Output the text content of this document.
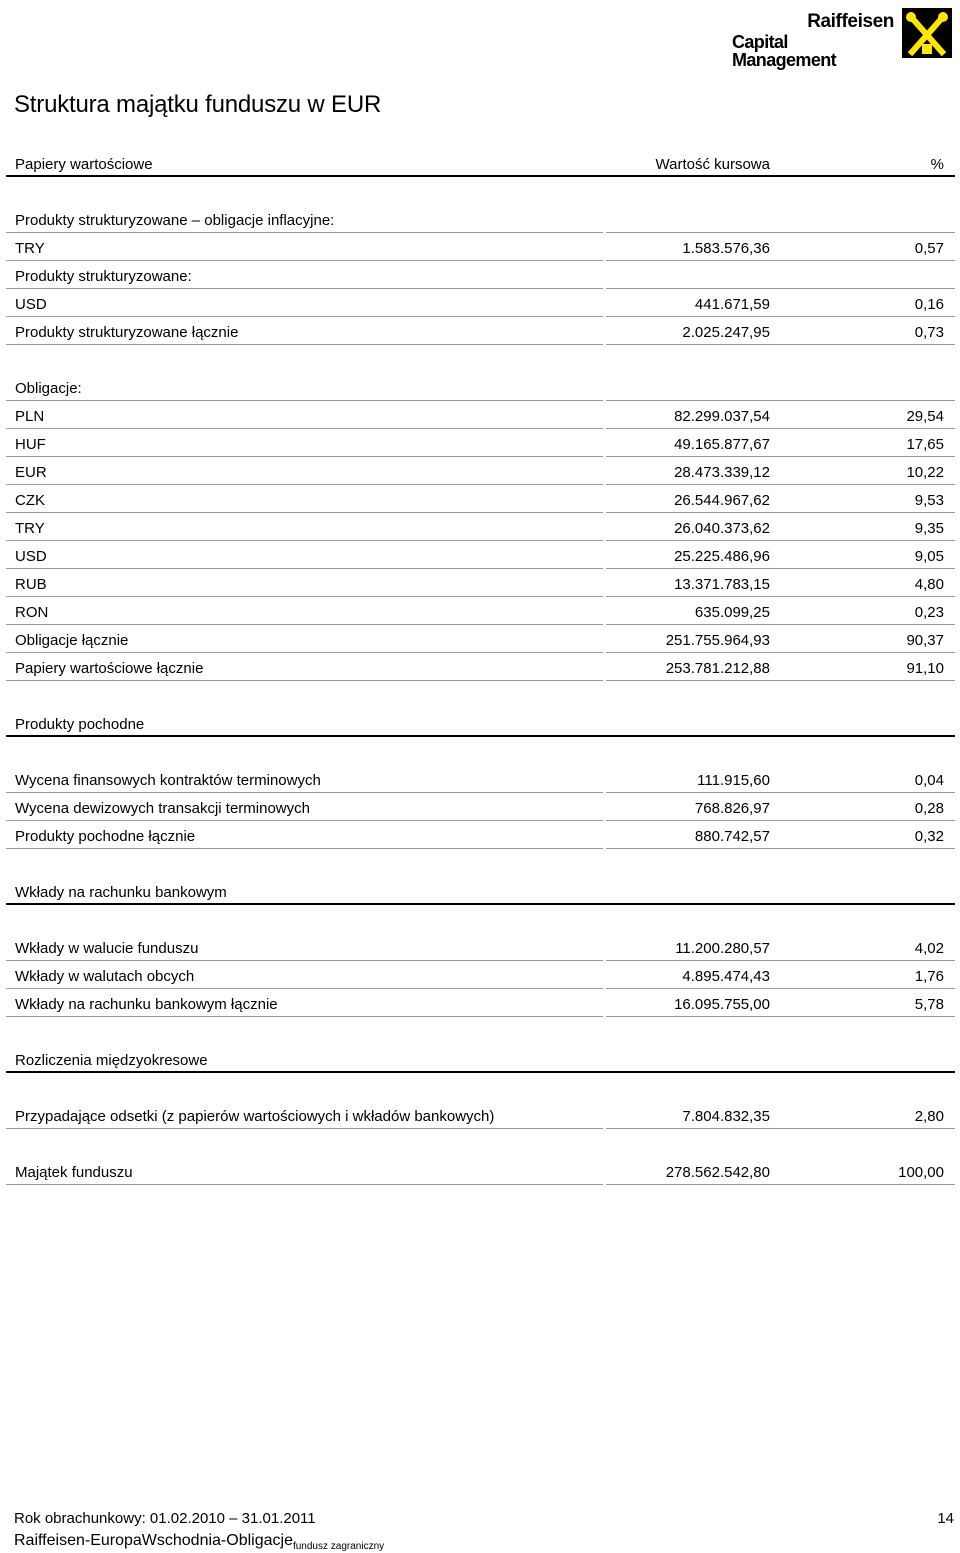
Raiffeisen
Capital Management
Struktura majątku funduszu w EUR
Papiery wartościowe	Wartość kursowa	%
Produkty strukturyzowane – obligacje inflacyjne:
TRY	1.583.576,36	0,57
Produkty strukturyzowane:
USD	441.671,59	0,16
Produkty strukturyzowane łącznie	2.025.247,95	0,73
Obligacje:
PLN	82.299.037,54	29,54
HUF	49.165.877,67	17,65
EUR	28.473.339,12	10,22
CZK	26.544.967,62	9,53
TRY	26.040.373,62	9,35
USD	25.225.486,96	9,05
RUB	13.371.783,15	4,80
RON	635.099,25	0,23
Obligacje łącznie	251.755.964,93	90,37
Papiery wartościowe łącznie	253.781.212,88	91,10
Produkty pochodne
Wycena finansowych kontraktów terminowych	111.915,60	0,04
Wycena dewizowych transakcji terminowych	768.826,97	0,28
Produkty pochodne łącznie	880.742,57	0,32
Wkłady na rachunku bankowym
Wkłady w walucie funduszu	11.200.280,57	4,02
Wkłady w walutach obcych	4.895.474,43	1,76
Wkłady na rachunku bankowym łącznie	16.095.755,00	5,78
Rozliczenia międzyokresowe
Przypadające odsetki (z papierów wartościowych i wkładów bankowych)	7.804.832,35	2,80
Majątek funduszu	278.562.542,80	100,00
Rok obrachunkowy: 01.02.2010 – 31.01.2011
Raiffeisen-EuropaWschodnia-Obligacje$_{fundusz zagraniczny}$
14
